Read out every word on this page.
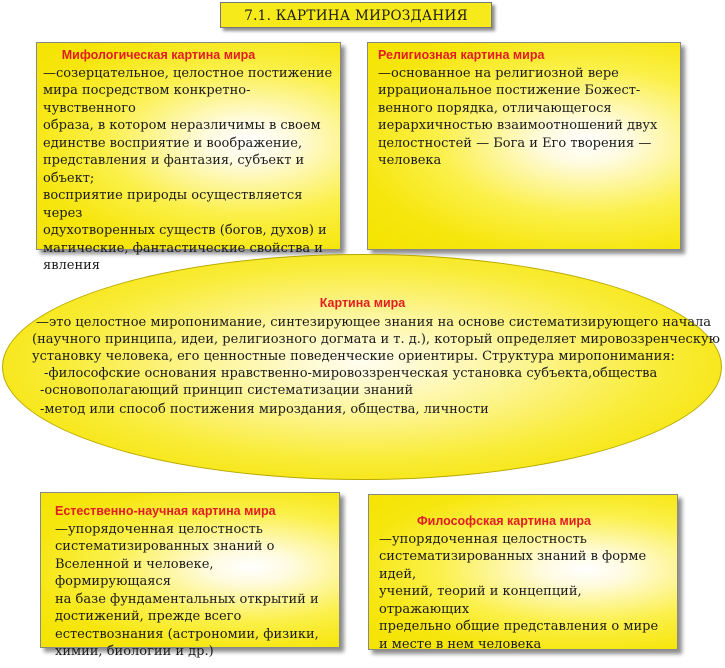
7.1. КАРТИНА МИРОЗДАНИЯ
Мифологическая картина мира
—созерцательное, целостное постижение
мира посредством конкретно-чувственного
образа, в котором неразличимы в своем
единстве восприятие и воображение,
представления и фантазия, субъект и
объект;
восприятие природы осуществляется через
одухотворенных существ (богов, духов) и
магические, фантастические свойства и
явления
Религиозная картина мира
—основанное на религиозной вере
иррациональное постижение Божест-
венного порядка, отличающегося
иерархичностью взаимоотношений двух
целостностей — Бога и Его творения —
человека
Картина мира
—это целостное миропонимание, синтезирующее знания на основе систематизирующего начала
(научного принципа, идеи, религиозного догмата и т. д.), который определяет мировоззренческую
установку человека, его ценностные поведенческие ориентиры. Структура миропонимания:
-философские основания нравственно-мировоззренческая установка субъекта,общества
-основополагающий принцип систематизации знаний
-метод или способ постижения мироздания, общества, личности
Естественно-научная картина мира
—упорядоченная целостность
систематизированных знаний о
Вселенной и человеке, формирующаяся
на базе фундаментальных открытий и
достижений, прежде всего
естествознания (астрономии, физики,
химии, биологии и др.)
Философская картина мира
—упорядоченная целостность
систематизированных знаний в форме идей,
учений, теорий и концепций, отражающих
предельно общие представления о мире
и месте в нем человека
